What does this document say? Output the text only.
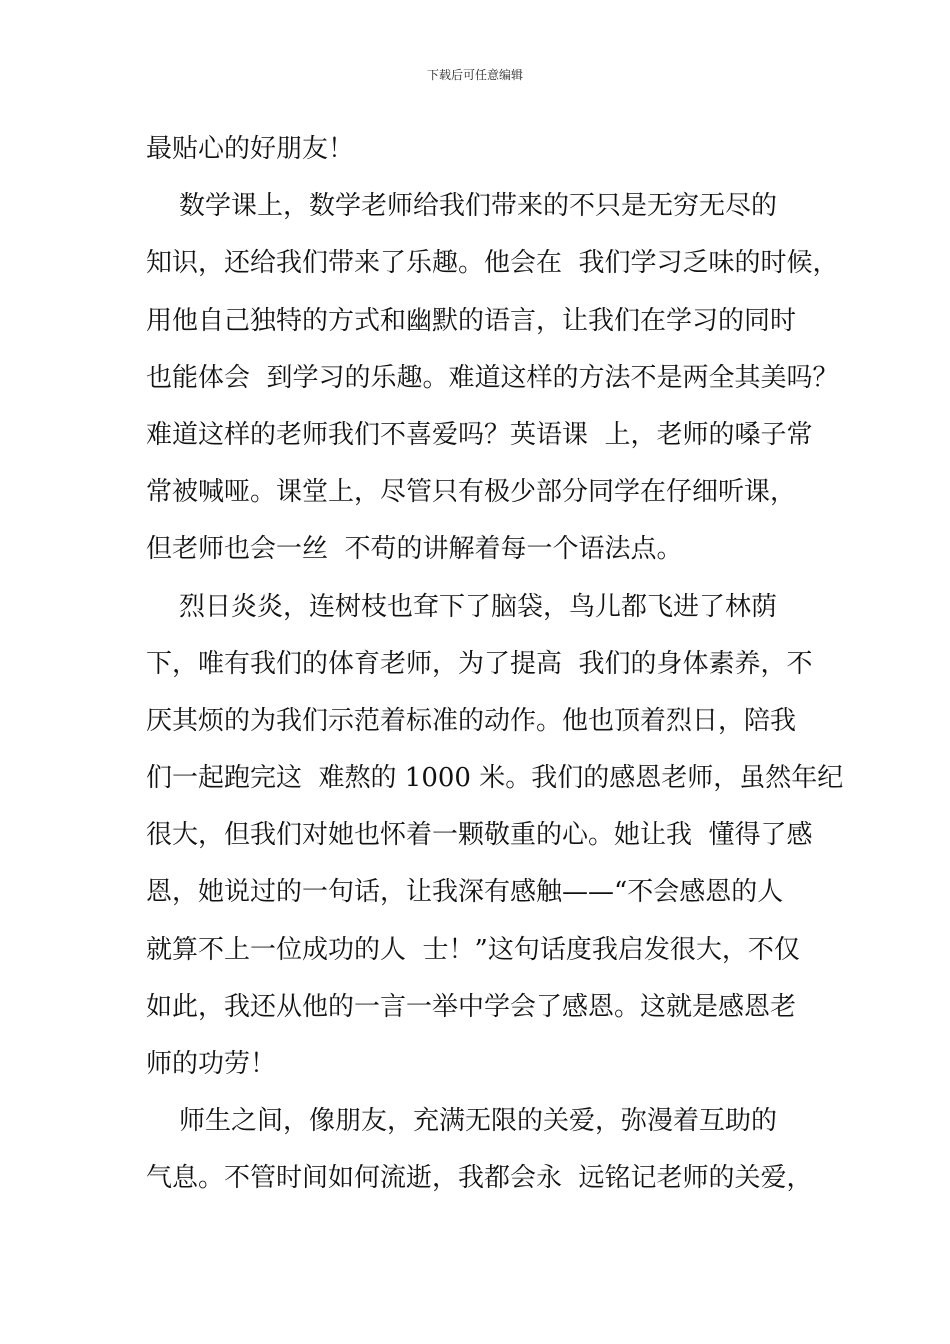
下载后可任意编辑
最贴心的好朋友！
数学课上，数学老师给我们带来的不只是无穷无尽的
知识，还给我们带来了乐趣。他会在  我们学习乏味的时候，
用他自己独特的方式和幽默的语言，让我们在学习的同时
也能体会  到学习的乐趣。难道这样的方法不是两全其美吗？
难道这样的老师我们不喜爱吗？英语课  上，老师的嗓子常
常被喊哑。课堂上，尽管只有极少部分同学在仔细听课，
但老师也会一丝  不苟的讲解着每一个语法点。
烈日炎炎，连树枝也耷下了脑袋，鸟儿都飞进了林荫
下，唯有我们的体育老师，为了提高  我们的身体素养，不
厌其烦的为我们示范着标准的动作。他也顶着烈日，陪我
们一起跑完这  难熬的 1000 米。我们的感恩老师，虽然年纪
很大，但我们对她也怀着一颗敬重的心。她让我  懂得了感
恩，她说过的一句话，让我深有感触——“不会感恩的人
就算不上一位成功的人  士！”这句话度我启发很大，不仅
如此，我还从他的一言一举中学会了感恩。这就是感恩老
师的功劳！
师生之间，像朋友，充满无限的关爱，弥漫着互助的
气息。不管时间如何流逝，我都会永  远铭记老师的关爱，
